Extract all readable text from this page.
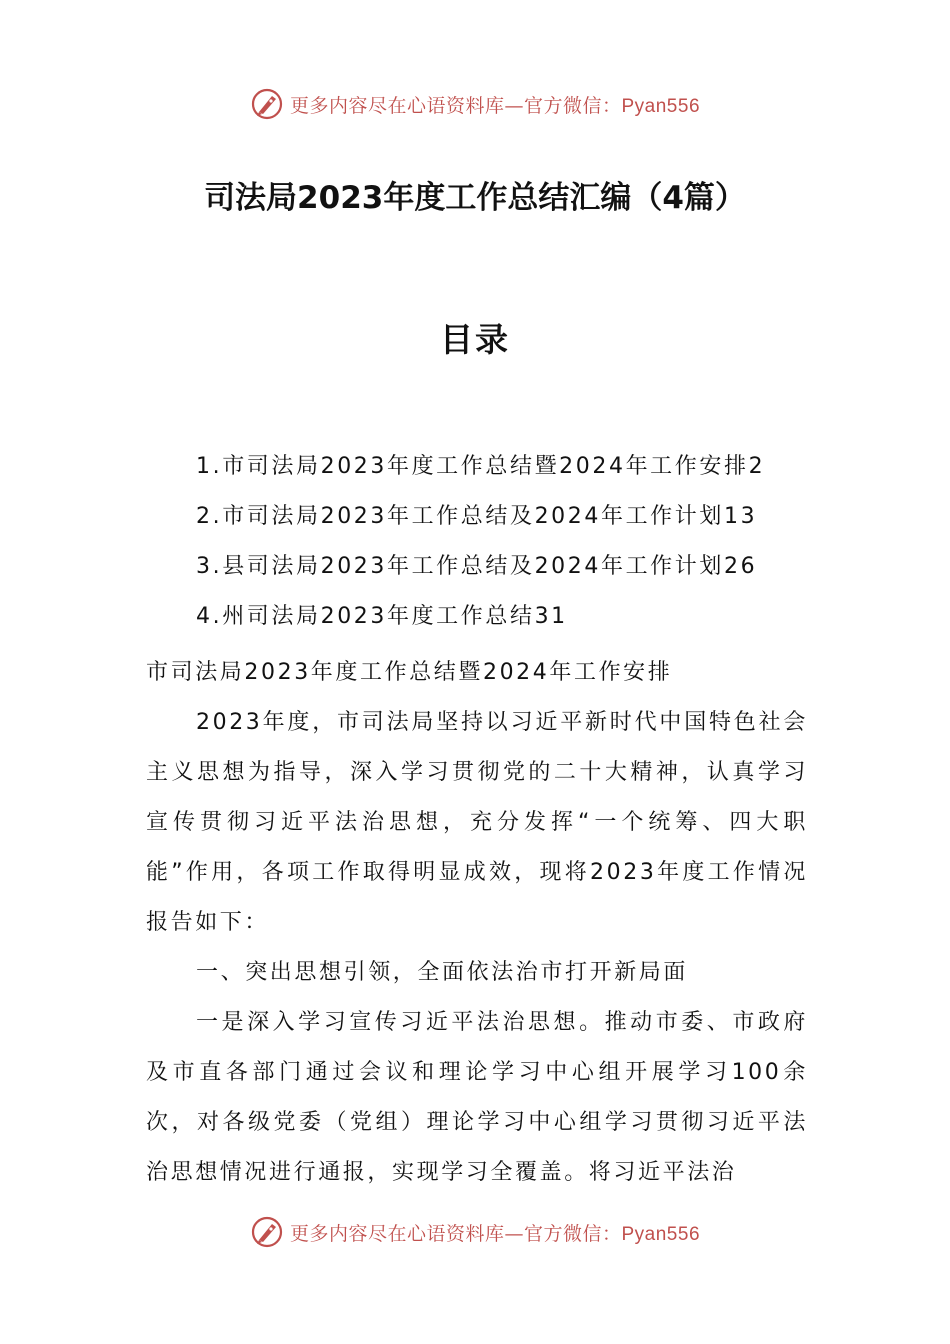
更多内容尽在心语资料库—官方微信：Pyan556
司法局2023年度工作总结汇编（4篇）
目录
1.市司法局2023年度工作总结暨2024年工作安排2
2.市司法局2023年工作总结及2024年工作计划13
3.县司法局2023年工作总结及2024年工作计划26
4.州司法局2023年度工作总结31

市司法局2023年度工作总结暨2024年工作安排

2023年度，市司法局坚持以习近平新时代中国特色社会主义思想为指导，深入学习贯彻党的二十大精神，认真学习宣传贯彻习近平法治思想，充分发挥“一个统筹、四大职能”作用，各项工作取得明显成效，现将2023年度工作情况报告如下：

一、突出思想引领，全面依法治市打开新局面

一是深入学习宣传习近平法治思想。推动市委、市政府及市直各部门通过会议和理论学习中心组开展学习100余次，对各级党委（党组）理论学习中心组学习贯彻习近平法治思想情况进行通报，实现学习全覆盖。将习近平法治

更多内容尽在心语资料库—官方微信：Pyan556
